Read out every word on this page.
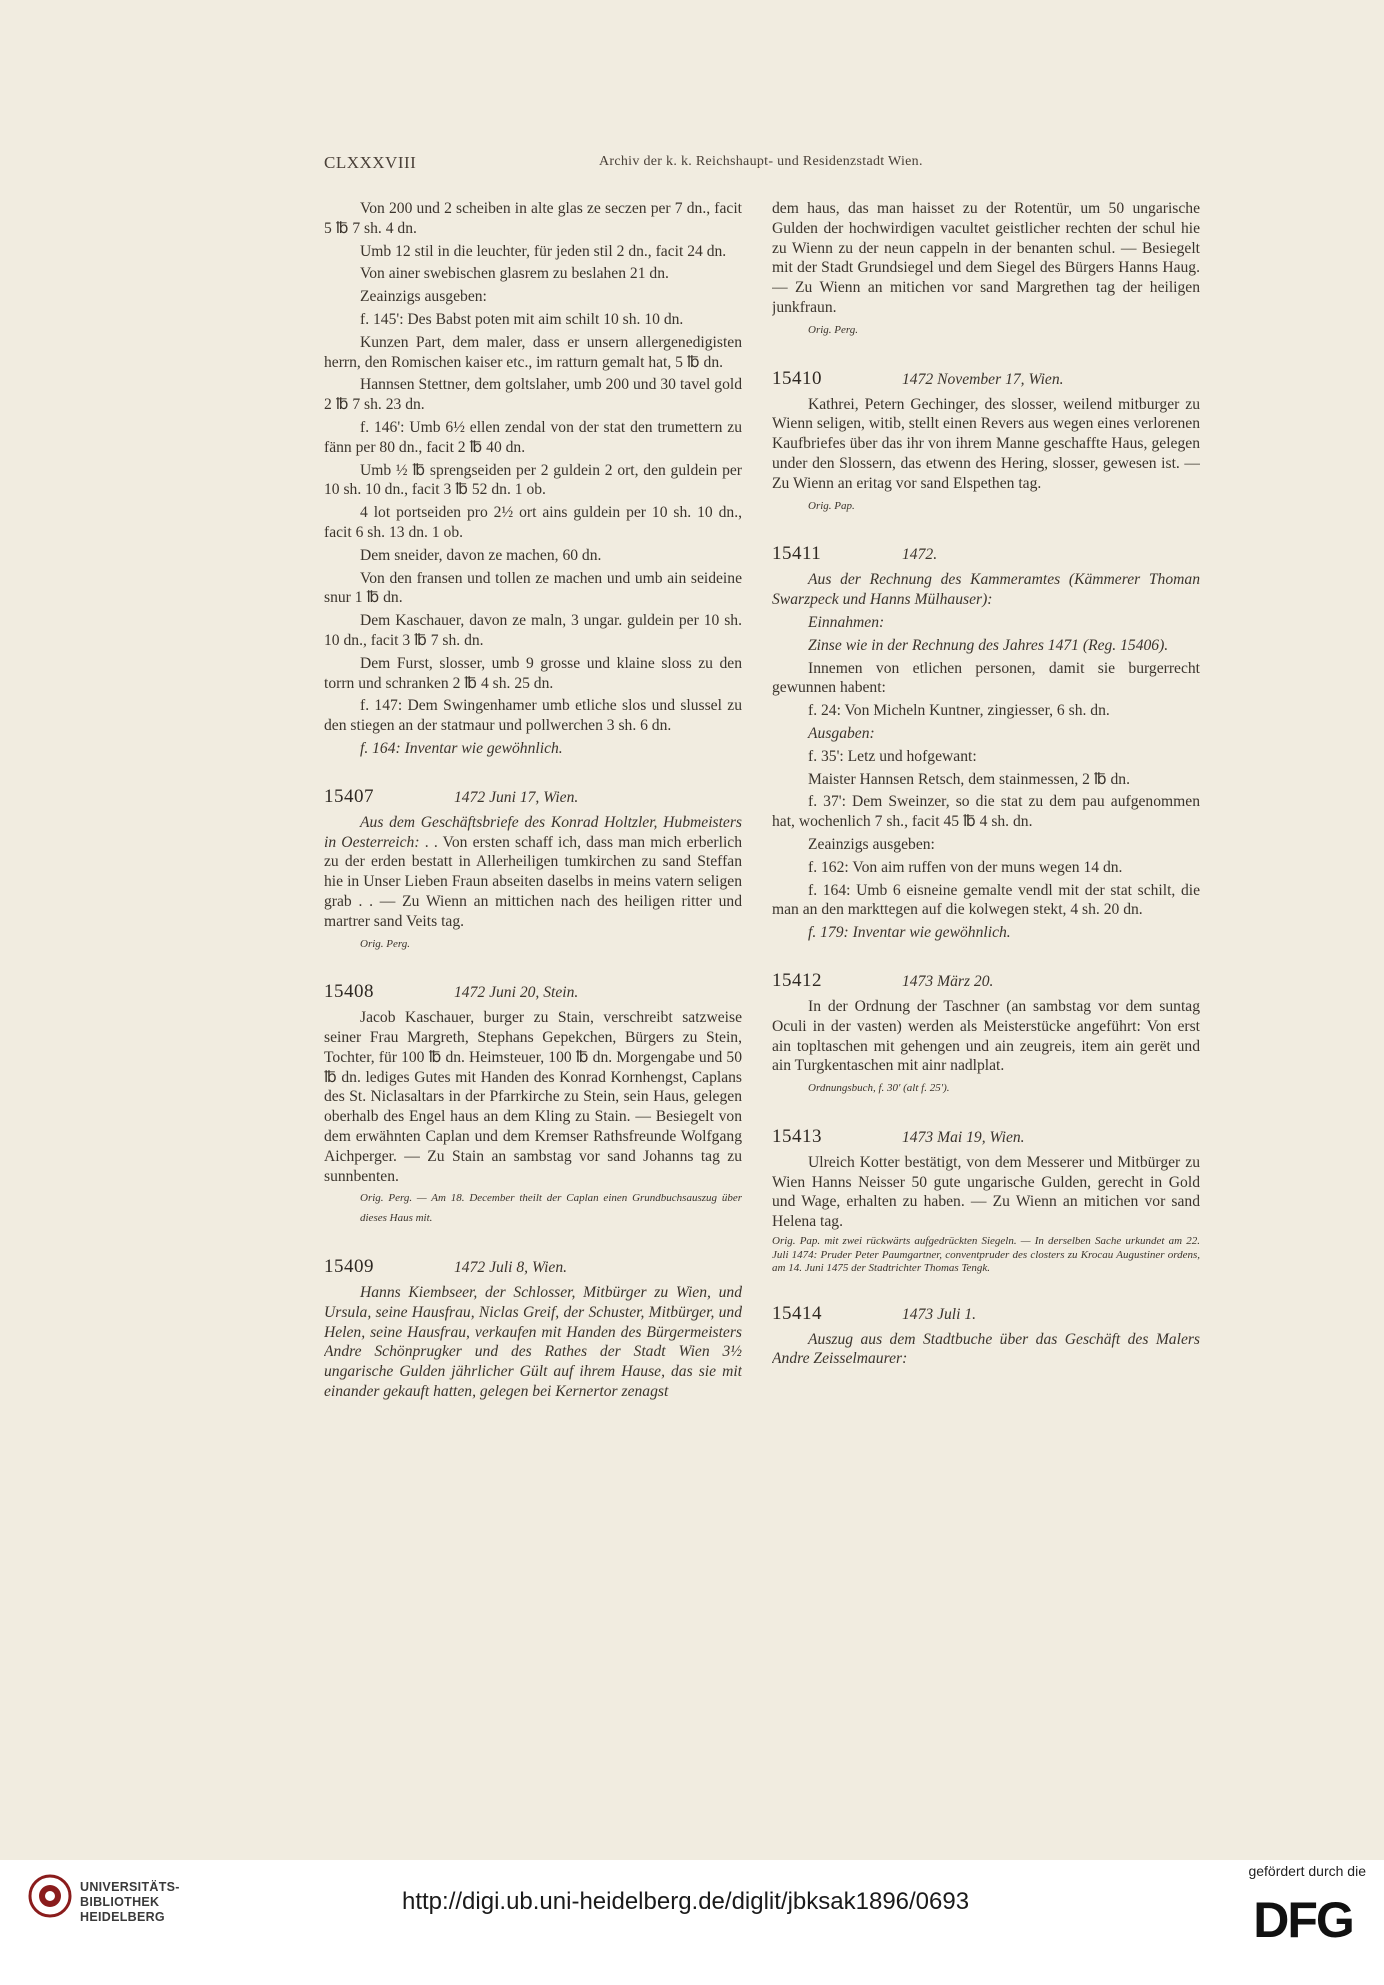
CLXXXVIII	Archiv der k. k. Reichshaupt- und Residenzstadt Wien.

Von 200 und 2 scheiben in alte glas ze seczen per 7 dn., facit 5 ℔ 7 sh. 4 dn.

Umb 12 stil in die leuchter, für jeden stil 2 dn., facit 24 dn.

Von ainer swebischen glasrem zu beslahen 21 dn.

Zeainzigs ausgeben:

f. 145': Des Babst poten mit aim schilt 10 sh. 10 dn.

Kunzen Part, dem maler, dass er unsern allergenedigisten herrn, den Romischen kaiser etc., im ratturn gemalt hat, 5 ℔ dn.

Hannsen Stettner, dem goltslaher, umb 200 und 30 tavel gold 2 ℔ 7 sh. 23 dn.

f. 146': Umb 6½ ellen zendal von der stat den trumettern zu fänn per 80 dn., facit 2 ℔ 40 dn.

Umb ½ ℔ sprengseiden per 2 guldein 2 ort, den guldein per 10 sh. 10 dn., facit 3 ℔ 52 dn. 1 ob.

4 lot portseiden pro 2½ ort ains guldein per 10 sh. 10 dn., facit 6 sh. 13 dn. 1 ob.

Dem sneider, davon ze machen, 60 dn.

Von den fransen und tollen ze machen und umb ain seideine snur 1 ℔ dn.

Dem Kaschauer, davon ze maln, 3 ungar. guldein per 10 sh. 10 dn., facit 3 ℔ 7 sh. dn.

Dem Furst, slosser, umb 9 grosse und klaine sloss zu den torrn und schranken 2 ℔ 4 sh. 25 dn.

f. 147: Dem Swingenhamer umb etliche slos und slussel zu den stiegen an der statmaur und pollwerchen 3 sh. 6 dn.

f. 164: Inventar wie gewöhnlich.

15407	1472 Juni 17, Wien.

Aus dem Geschäftsbriefe des Konrad Holtzler, Hubmeisters in Oesterreich: . . Von ersten schaff ich, dass man mich erberlich zu der erden bestatt in Allerheiligen tumkirchen zu sand Steffan hie in Unser Lieben Fraun abseiten daselbs in meins vatern seligen grab . . — Zu Wienn an mittichen nach des heiligen ritter und martrer sand Veits tag.

Orig. Perg.
15408	1472 Juni 20, Stein.

Jacob Kaschauer, burger zu Stain, verschreibt satzweise seiner Frau Margreth, Stephans Gepekchen, Bürgers zu Stein, Tochter, für 100 ℔ dn. Heimsteuer, 100 ℔ dn. Morgengabe und 50 ℔ dn. lediges Gutes mit Handen des Konrad Kornhengst, Caplans des St. Niclasaltars in der Pfarrkirche zu Stein, sein Haus, gelegen oberhalb des Engel haus an dem Kling zu Stain. — Besiegelt von dem erwähnten Caplan und dem Kremser Rathsfreunde Wolfgang Aichperger. — Zu Stain an sambstag vor sand Johanns tag zu sunnbenten.

Orig. Perg. — Am 18. December theilt der Caplan einen Grundbuchsauszug über dieses Haus mit.
15409	1472 Juli 8, Wien.

Hanns Kiembseer, der Schlosser, Mitbürger zu Wien, und Ursula, seine Hausfrau, Niclas Greif, der Schuster, Mitbürger, und Helen, seine Hausfrau, verkaufen mit Handen des Bürgermeisters Andre Schönprugker und des Rathes der Stadt Wien 3½ ungarische Gulden jährlicher Gült auf ihrem Hause, das sie mit einander gekauft hatten, gelegen bei Kernertor zenagst

dem haus, das man haisset zu der Rotentür, um 50 ungarische Gulden der hochwirdigen vacultet geistlicher rechten der schul hie zu Wienn zu der neun cappeln in der benanten schul. — Besiegelt mit der Stadt Grundsiegel und dem Siegel des Bürgers Hanns Haug. — Zu Wienn an mitichen vor sand Margrethen tag der heiligen junkfraun.

Orig. Perg.
15410	1472 November 17, Wien.

Kathrei, Petern Gechinger, des slosser, weilend mitburger zu Wienn seligen, witib, stellt einen Revers aus wegen eines verlorenen Kaufbriefes über das ihr von ihrem Manne geschaffte Haus, gelegen under den Slossern, das etwenn des Hering, slosser, gewesen ist. — Zu Wienn an eritag vor sand Elspethen tag.

Orig. Pap.
15411	1472.

Aus der Rechnung des Kammeramtes (Kämmerer Thoman Swarzpeck und Hanns Mülhauser):

Einnahmen:

Zinse wie in der Rechnung des Jahres 1471 (Reg. 15406).

Innemen von etlichen personen, damit sie burgerrecht gewunnen habent:

f. 24: Von Micheln Kuntner, zingiesser, 6 sh. dn.

Ausgaben:

f. 35': Letz und hofgewant:

Maister Hannsen Retsch, dem stainmessen, 2 ℔ dn.

f. 37': Dem Sweinzer, so die stat zu dem pau aufgenommen hat, wochenlich 7 sh., facit 45 ℔ 4 sh. dn.

Zeainzigs ausgeben:

f. 162: Von aim ruffen von der muns wegen 14 dn.

f. 164: Umb 6 eisneine gemalte vendl mit der stat schilt, die man an den markttegen auf die kolwegen stekt, 4 sh. 20 dn.

f. 179: Inventar wie gewöhnlich.

15412	1473 März 20.

In der Ordnung der Taschner (an sambstag vor dem suntag Oculi in der vasten) werden als Meisterstücke angeführt: Von erst ain topltaschen mit gehengen und ain zeugreis, item ain gerët und ain Turgkentaschen mit ainr nadlplat.

Ordnungsbuch, f. 30' (alt f. 25').
15413	1473 Mai 19, Wien.

Ulreich Kotter bestätigt, von dem Messerer und Mitbürger zu Wien Hanns Neisser 50 gute ungarische Gulden, gerecht in Gold und Wage, erhalten zu haben. — Zu Wienn an mitichen vor sand Helena tag.

Orig. Pap. mit zwei rückwärts aufgedrückten Siegeln. — In derselben Sache urkundet am 22. Juli 1474: Pruder Peter Paumgartner, conventpruder des closters zu Krocau Augustiner ordens, am 14. Juni 1475 der Stadtrichter Thomas Tengk.
15414	1473 Juli 1.

Auszug aus dem Stadtbuche über das Geschäft des Malers Andre Zeisselmaurer:

UNIVERSITÄTS-
BIBLIOTHEK
HEIDELBERG
http://digi.ub.uni-heidelberg.de/diglit/jbksak1896/0693
gefördert durch die
DFG
